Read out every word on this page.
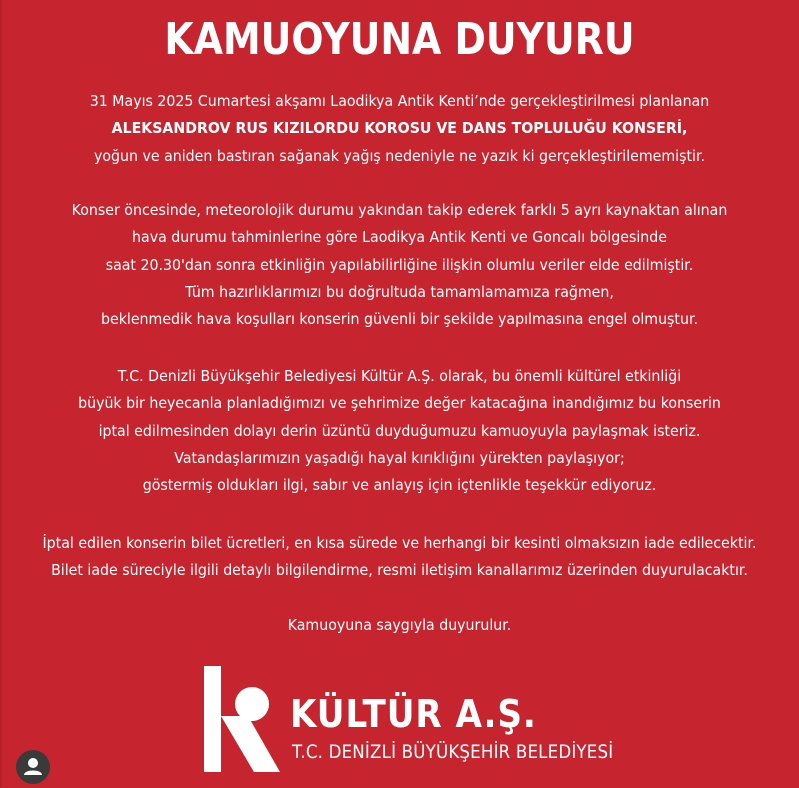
KAMUOYUNA DUYURU
31 Mayıs 2025 Cumartesi akşamı Laodikya Antik Kenti’nde gerçekleştirilmesi planlanan
ALEKSANDROV RUS KIZILORDU KOROSU VE DANS TOPLULUĞU KONSERİ,
yoğun ve aniden bastıran sağanak yağış nedeniyle ne yazık ki gerçekleştirilememiştir.
Konser öncesinde, meteorolojik durumu yakından takip ederek farklı 5 ayrı kaynaktan alınan
hava durumu tahminlerine göre Laodikya Antik Kenti ve Goncalı bölgesinde
saat 20.30'dan sonra etkinliğin yapılabilirliğine ilişkin olumlu veriler elde edilmiştir.
Tüm hazırlıklarımızı bu doğrultuda tamamlamamıza rağmen,
beklenmedik hava koşulları konserin güvenli bir şekilde yapılmasına engel olmuştur.
T.C. Denizli Büyükşehir Belediyesi Kültür A.Ş. olarak, bu önemli kültürel etkinliği
büyük bir heyecanla planladığımızı ve şehrimize değer katacağına inandığımız bu konserin
iptal edilmesinden dolayı derin üzüntü duyduğumuzu kamuoyuyla paylaşmak isteriz.
Vatandaşlarımızın yaşadığı hayal kırıklığını yürekten paylaşıyor;
göstermiş oldukları ilgi, sabır ve anlayış için içtenlikle teşekkür ediyoruz.
İptal edilen konserin bilet ücretleri, en kısa sürede ve herhangi bir kesinti olmaksızın iade edilecektir.
Bilet iade süreciyle ilgili detaylı bilgilendirme, resmi iletişim kanallarımız üzerinden duyurulacaktır.
Kamuoyuna saygıyla duyurulur.
KÜLTÜR A.Ş.
T.C. DENİZLİ BÜYÜKŞEHİR BELEDİYESİ
